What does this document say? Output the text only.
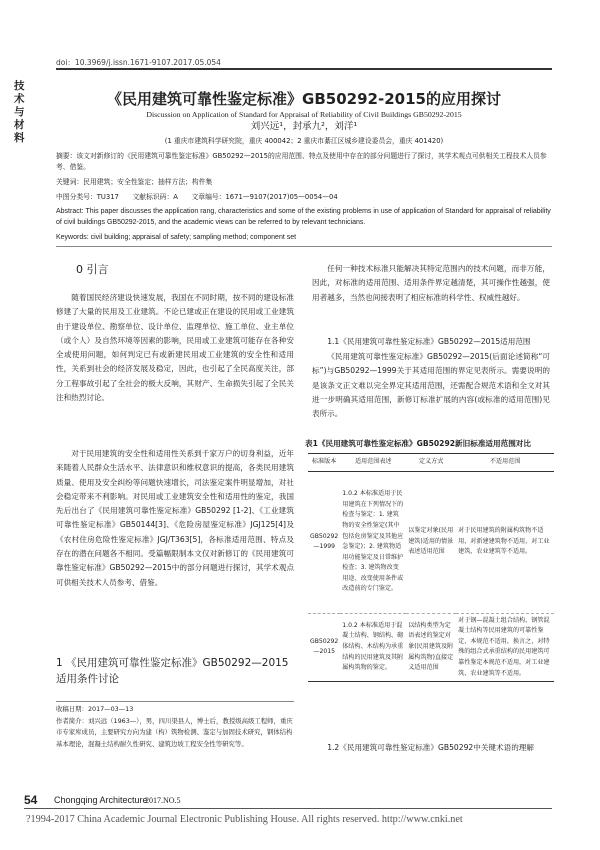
doi：10.3969/j.issn.1671-9107.2017.05.054
技术与材料
《民用建筑可靠性鉴定标准》GB50292-2015的应用探讨
Discussion on Application of Standard for Appraisal of Reliability of Civil Buildings GB50292-2015
刘兴远¹，封承九²，刘洋¹
(1 重庆市建筑科学研究院，重庆 400042；2 重庆市綦江区城乡建设委员会，重庆 401420)
摘要：该文对新修订的《民用建筑可靠性鉴定标准》GB50292—2015的应用范围、特点及使用中存在的部分问题进行了探讨，其学术观点可供相关工程技术人员参考、借鉴。
关键词：民用建筑；安全性鉴定；抽样方法；构件集
中图分类号：TU317　　文献标识码：A　　文章编号：1671—9107(2017)05—0054—04
Abstract: This paper discusses the application rang, characteristics and some of the existing problems in use of application of Standard for appraisal of reliability of civil buildings GB50292-2015, and the academic views can be referred to by relevant technicians.
Keywords: civil building; appraisal of safety; sampling method; component set
0 引言
随着国民经济建设快速发展，我国在不同时期，按不同的建设标准修建了大量的民用及工业建筑。不论已建或正在建设的民用或工业建筑由于建设单位、勘察单位、设计单位、监理单位、施工单位、业主单位（或个人）及自然环境等因素的影响，民用或工业建筑可能存在各种安全或使用问题，如何判定已有或新建民用或工业建筑的安全性和适用性，关系到社会的经济发展及稳定，因此，也引起了全民高度关注，部分工程事故引起了全社会的极大反响，其财产、生命损失引起了全民关注和热烈讨论。
对于民用建筑的安全性和适用性关系到千家万户的切身利益，近年来随着人民群众生活水平、法律意识和维权意识的提高，各类民用建筑质量、使用及安全纠纷等问题快速增长，司法鉴定案件明显增加，对社会稳定带来不利影响。对民用或工业建筑安全性和适用性的鉴定，我国先后出台了《民用建筑可靠性鉴定标准》GB50292 [1-2]、《工业建筑可靠性鉴定标准》GB50144[3]、《危险房屋鉴定标准》JGJ125[4]及《农村住房危险性鉴定标准》JGJ/T363[5]，各标准适用范围、特点及存在的潜在问题各不相同。受篇幅限制本文仅对新修订的《民用建筑可靠性鉴定标准》GB50292—2015中的部分问题进行探讨，其学术观点可供相关技术人员参考、借鉴。
1 《民用建筑可靠性鉴定标准》GB50292—2015适用条件讨论
收稿日期：2017—03—13
作者简介：刘兴远（1963—），男，四川渠县人，博士后，教授级高级工程师，重庆市专家库成员，主要研究方向为建（构）筑物检测、鉴定与加固技术研究，钢体结构基本理论，混凝土结构耐久性研究、建筑边坡工程安全性等研究等。
任何一种技术标准只能解决其特定范围内的技术问题，而非万能，因此，对标准的适用范围、适用条件界定越清楚，其可操作性越强，使用者越多，当然也间接表明了相应标准的科学性、权威性越好。
1.1《民用建筑可靠性鉴定标准》GB50292—2015适用范围
《民用建筑可靠性鉴定标准》GB50292—2015(后面论述简称“可标”)与GB50292—1999关于其适用范围的界定见表所示。需要说明的是该条文正文难以完全界定其适用范围，还需配合规范术语和全文对其进一步明确其适用范围，新修订标准扩展的内容(或标准的适用范围)见表所示。
表1《民用建筑可靠性鉴定标准》GB50292新旧标准适用范围对比
标准版本	适用范围表述	定义方式	不适用范围
GB50292—1999	1.0.2 本标准适用于民用建筑在下列情况下的检查与鉴定：1. 建筑物的安全性鉴定(其中包括危房鉴定及其他应急鉴定)；2. 建筑物适用功能鉴定及日常维护检查；3. 建筑物改变用途、改变使用条件或改造前的专门鉴定。	以鉴定对象(民用建筑)适用的情景表述适用范围	对于民用建筑的附属构筑物不适用，对新建建筑物不适用，对工业建筑、农业建筑等不适用。
GB50292—2015	1.0.2 本标准适用于混凝土结构、钢结构、砌体结构、木结构为承重结构的民用建筑及其附属构筑物的鉴定。	以结构类型为定语表述的鉴定对象(民用建筑及附属构筑物)直接定义适用范围	对于钢—混凝土组合结构、钢管混凝土结构等民用建筑的可靠性鉴定，本规范不适用，换言之，对特殊的组合式承重结构的民用建筑可靠性鉴定本规范不适用，对工业建筑、农业建筑等不适用。
1.2《民用建筑可靠性鉴定标准》GB50292中关键术语的理解
54 Chongqing Architecture
2017.NO.5
?1994-2017 China Academic Journal Electronic Publishing House. All rights reserved. http://www.cnki.net
